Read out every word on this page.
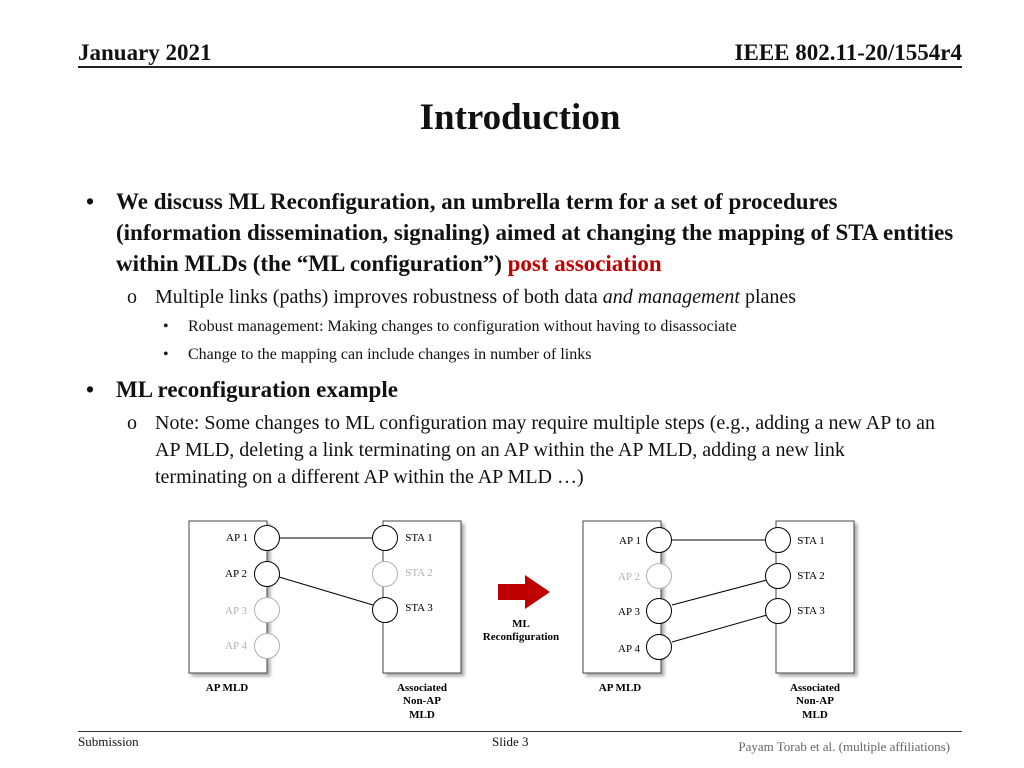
January 2021	IEEE 802.11-20/1554r4
Introduction
• We discuss ML Reconfiguration, an umbrella term for a set of procedures (information dissemination, signaling) aimed at changing the mapping of STA entities within MLDs (the “ML configuration”) post association
o Multiple links (paths) improves robustness of both data and management planes
• Robust management: Making changes to configuration without having to disassociate
• Change to the mapping can include changes in number of links
• ML reconfiguration example
o Note: Some changes to ML configuration may require multiple steps (e.g., adding a new AP to an AP MLD, deleting a link terminating on an AP within the AP MLD, adding a new link terminating on a different AP within the AP MLD …)
AP 1
AP 2
AP 3
AP 4
STA 1
STA 2
STA 3
AP MLD	Associated
Non-AP
MLD
ML
Reconfiguration
AP 1
AP 2
AP 3
AP 4
STA 1
STA 2
STA 3
AP MLD	Associated
Non-AP
MLD
Submission	Slide 3	Payam Torab et al. (multiple affiliations)
